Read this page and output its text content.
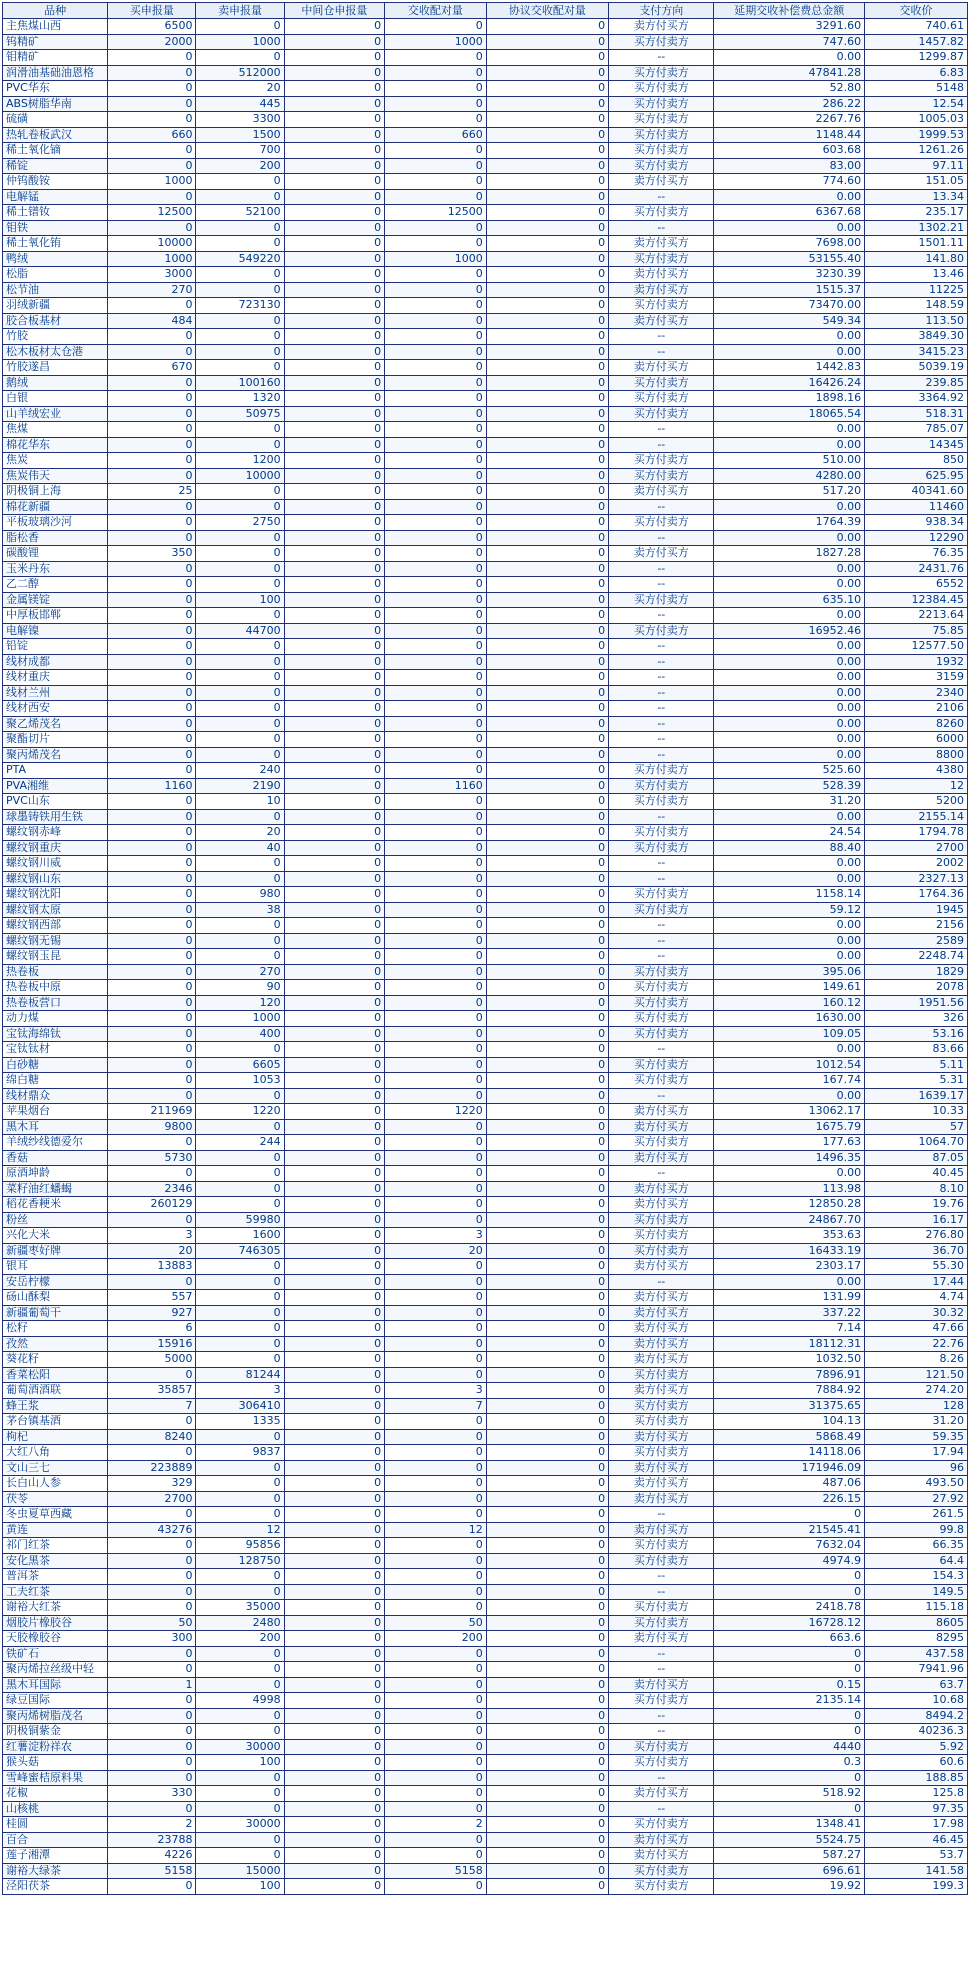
品种	买申报量	卖申报量	中间仓申报量	交收配对量	协议交收配对量	支付方向	延期交收补偿费总金额	交收价
主焦煤山西	6500	0	0	0	0	卖方付买方	3291.60	740.61
钨精矿	2000	1000	0	1000	0	买方付卖方	747.60	1457.82
钼精矿	0	0	0	0	0	--	0.00	1299.87
润滑油基础油恩格	0	512000	0	0	0	买方付卖方	47841.28	6.83
PVC华东	0	20	0	0	0	买方付卖方	52.80	5148
ABS树脂华南	0	445	0	0	0	买方付卖方	286.22	12.54
硫磺	0	3300	0	0	0	买方付卖方	2267.76	1005.03
热轧卷板武汉	660	1500	0	660	0	买方付卖方	1148.44	1999.53
稀土氧化镝	0	700	0	0	0	买方付卖方	603.68	1261.26
稀锭	0	200	0	0	0	买方付卖方	83.00	97.11
仲钨酸铵	1000	0	0	0	0	卖方付买方	774.60	151.05
电解锰	0	0	0	0	0	--	0.00	13.34
稀土镨钕	12500	52100	0	12500	0	买方付卖方	6367.68	235.17
钼铁	0	0	0	0	0	--	0.00	1302.21
稀土氧化铕	10000	0	0	0	0	卖方付买方	7698.00	1501.11
鸭绒	1000	549220	0	1000	0	买方付卖方	53155.40	141.80
松脂	3000	0	0	0	0	卖方付买方	3230.39	13.46
松节油	270	0	0	0	0	卖方付买方	1515.37	11225
羽绒新疆	0	723130	0	0	0	买方付卖方	73470.00	148.59
胶合板基材	484	0	0	0	0	卖方付买方	549.34	113.50
竹胶	0	0	0	0	0	--	0.00	3849.30
松木板材太仓港	0	0	0	0	0	--	0.00	3415.23
竹胶遂昌	670	0	0	0	0	卖方付买方	1442.83	5039.19
鹅绒	0	100160	0	0	0	买方付卖方	16426.24	239.85
白银	0	1320	0	0	0	买方付卖方	1898.16	3364.92
山羊绒宏业	0	50975	0	0	0	买方付卖方	18065.54	518.31
焦煤	0	0	0	0	0	--	0.00	785.07
棉花华东	0	0	0	0	0	--	0.00	14345
焦炭	0	1200	0	0	0	买方付卖方	510.00	850
焦炭伟天	0	10000	0	0	0	买方付卖方	4280.00	625.95
阴极铜上海	25	0	0	0	0	卖方付买方	517.20	40341.60
棉花新疆	0	0	0	0	0	--	0.00	11460
平板玻璃沙河	0	2750	0	0	0	买方付卖方	1764.39	938.34
脂松香	0	0	0	0	0	--	0.00	12290
碳酸锂	350	0	0	0	0	卖方付买方	1827.28	76.35
玉米丹东	0	0	0	0	0	--	0.00	2431.76
乙二醇	0	0	0	0	0	--	0.00	6552
金属镁锭	0	100	0	0	0	买方付卖方	635.10	12384.45
中厚板邯郸	0	0	0	0	0	--	0.00	2213.64
电解镍	0	44700	0	0	0	买方付卖方	16952.46	75.85
铅锭	0	0	0	0	0	--	0.00	12577.50
线材成都	0	0	0	0	0	--	0.00	1932
线材重庆	0	0	0	0	0	--	0.00	3159
线材兰州	0	0	0	0	0	--	0.00	2340
线材西安	0	0	0	0	0	--	0.00	2106
聚乙烯茂名	0	0	0	0	0	--	0.00	8260
聚酯切片	0	0	0	0	0	--	0.00	6000
聚丙烯茂名	0	0	0	0	0	--	0.00	8800
PTA	0	240	0	0	0	买方付卖方	525.60	4380
PVA湘维	1160	2190	0	1160	0	买方付卖方	528.39	12
PVC山东	0	10	0	0	0	买方付卖方	31.20	5200
球墨铸铁用生铁	0	0	0	0	0	--	0.00	2155.14
螺纹钢赤峰	0	20	0	0	0	买方付卖方	24.54	1794.78
螺纹钢重庆	0	40	0	0	0	买方付卖方	88.40	2700
螺纹钢川威	0	0	0	0	0	--	0.00	2002
螺纹钢山东	0	0	0	0	0	--	0.00	2327.13
螺纹钢沈阳	0	980	0	0	0	买方付卖方	1158.14	1764.36
螺纹钢太原	0	38	0	0	0	买方付卖方	59.12	1945
螺纹钢西部	0	0	0	0	0	--	0.00	2156
螺纹钢无锡	0	0	0	0	0	--	0.00	2589
螺纹钢玉昆	0	0	0	0	0	--	0.00	2248.74
热卷板	0	270	0	0	0	买方付卖方	395.06	1829
热卷板中原	0	90	0	0	0	买方付卖方	149.61	2078
热卷板营口	0	120	0	0	0	买方付卖方	160.12	1951.56
动力煤	0	1000	0	0	0	买方付卖方	1630.00	326
宝钛海绵钛	0	400	0	0	0	买方付卖方	109.05	53.16
宝钛钛材	0	0	0	0	0	--	0.00	83.66
白砂糖	0	6605	0	0	0	买方付卖方	1012.54	5.11
绵白糖	0	1053	0	0	0	买方付卖方	167.74	5.31
线材鼎众	0	0	0	0	0	--	0.00	1639.17
苹果烟台	211969	1220	0	1220	0	卖方付买方	13062.17	10.33
黑木耳	9800	0	0	0	0	卖方付买方	1675.79	57
羊绒纱线德爱尔	0	244	0	0	0	买方付卖方	177.63	1064.70
香菇	5730	0	0	0	0	卖方付买方	1496.35	87.05
原酒坤龄	0	0	0	0	0	--	0.00	40.45
菜籽油红蟠蝎	2346	0	0	0	0	卖方付买方	113.98	8.10
稻花香粳米	260129	0	0	0	0	卖方付买方	12850.28	19.76
粉丝	0	59980	0	0	0	买方付卖方	24867.70	16.17
兴化大米	3	1600	0	3	0	买方付卖方	353.63	276.80
新疆枣好牌	20	746305	0	20	0	买方付卖方	16433.19	36.70
银耳	13883	0	0	0	0	卖方付买方	2303.17	55.30
安岳柠檬	0	0	0	0	0	--	0.00	17.44
砀山酥梨	557	0	0	0	0	卖方付买方	131.99	4.74
新疆葡萄干	927	0	0	0	0	卖方付买方	337.22	30.32
松籽	6	0	0	0	0	卖方付买方	7.14	47.66
孜然	15916	0	0	0	0	卖方付买方	18112.31	22.76
葵花籽	5000	0	0	0	0	卖方付买方	1032.50	8.26
香菜松阳	0	81244	0	0	0	买方付卖方	7896.91	121.50
葡萄酒酒联	35857	3	0	3	0	卖方付买方	7884.92	274.20
蜂王浆	7	306410	0	7	0	买方付卖方	31375.65	128
茅台镇基酒	0	1335	0	0	0	买方付卖方	104.13	31.20
枸杞	8240	0	0	0	0	卖方付买方	5868.49	59.35
大红八角	0	9837	0	0	0	买方付卖方	14118.06	17.94
文山三七	223889	0	0	0	0	卖方付买方	171946.09	96
长白山人参	329	0	0	0	0	卖方付买方	487.06	493.50
茯苓	2700	0	0	0	0	卖方付买方	226.15	27.92
冬虫夏草西藏	0	0	0	0	0	--	0	261.5
黄连	43276	12	0	12	0	卖方付买方	21545.41	99.8
祁门红茶	0	95856	0	0	0	买方付卖方	7632.04	66.35
安化黑茶	0	128750	0	0	0	买方付卖方	4974.9	64.4
普洱茶	0	0	0	0	0	--	0	154.3
工夫红茶	0	0	0	0	0	--	0	149.5
谢裕大红茶	0	35000	0	0	0	买方付卖方	2418.78	115.18
烟胶片橡胶谷	50	2480	0	50	0	买方付卖方	16728.12	8605
天胶橡胶谷	300	200	0	200	0	卖方付买方	663.6	8295
铁矿石	0	0	0	0	0	--	0	437.58
聚丙烯拉丝级中轻	0	0	0	0	0	--	0	7941.96
黑木耳国际	1	0	0	0	0	卖方付买方	0.15	63.7
绿豆国际	0	4998	0	0	0	买方付卖方	2135.14	10.68
聚丙烯树脂茂名	0	0	0	0	0	--	0	8494.2
阴极铜紫金	0	0	0	0	0	--	0	40236.3
红薯淀粉祥农	0	30000	0	0	0	买方付卖方	4440	5.92
猴头菇	0	100	0	0	0	买方付卖方	0.3	60.6
雪峰蜜桔原料果	0	0	0	0	0	--	0	188.85
花椒	330	0	0	0	0	卖方付买方	518.92	125.8
山核桃	0	0	0	0	0	--	0	97.35
桂圆	2	30000	0	2	0	买方付卖方	1348.41	17.98
百合	23788	0	0	0	0	卖方付买方	5524.75	46.45
莲子湘潭	4226	0	0	0	0	卖方付买方	587.27	53.7
谢裕大绿茶	5158	15000	0	5158	0	买方付卖方	696.61	141.58
泾阳茯茶	0	100	0	0	0	买方付卖方	19.92	199.3
